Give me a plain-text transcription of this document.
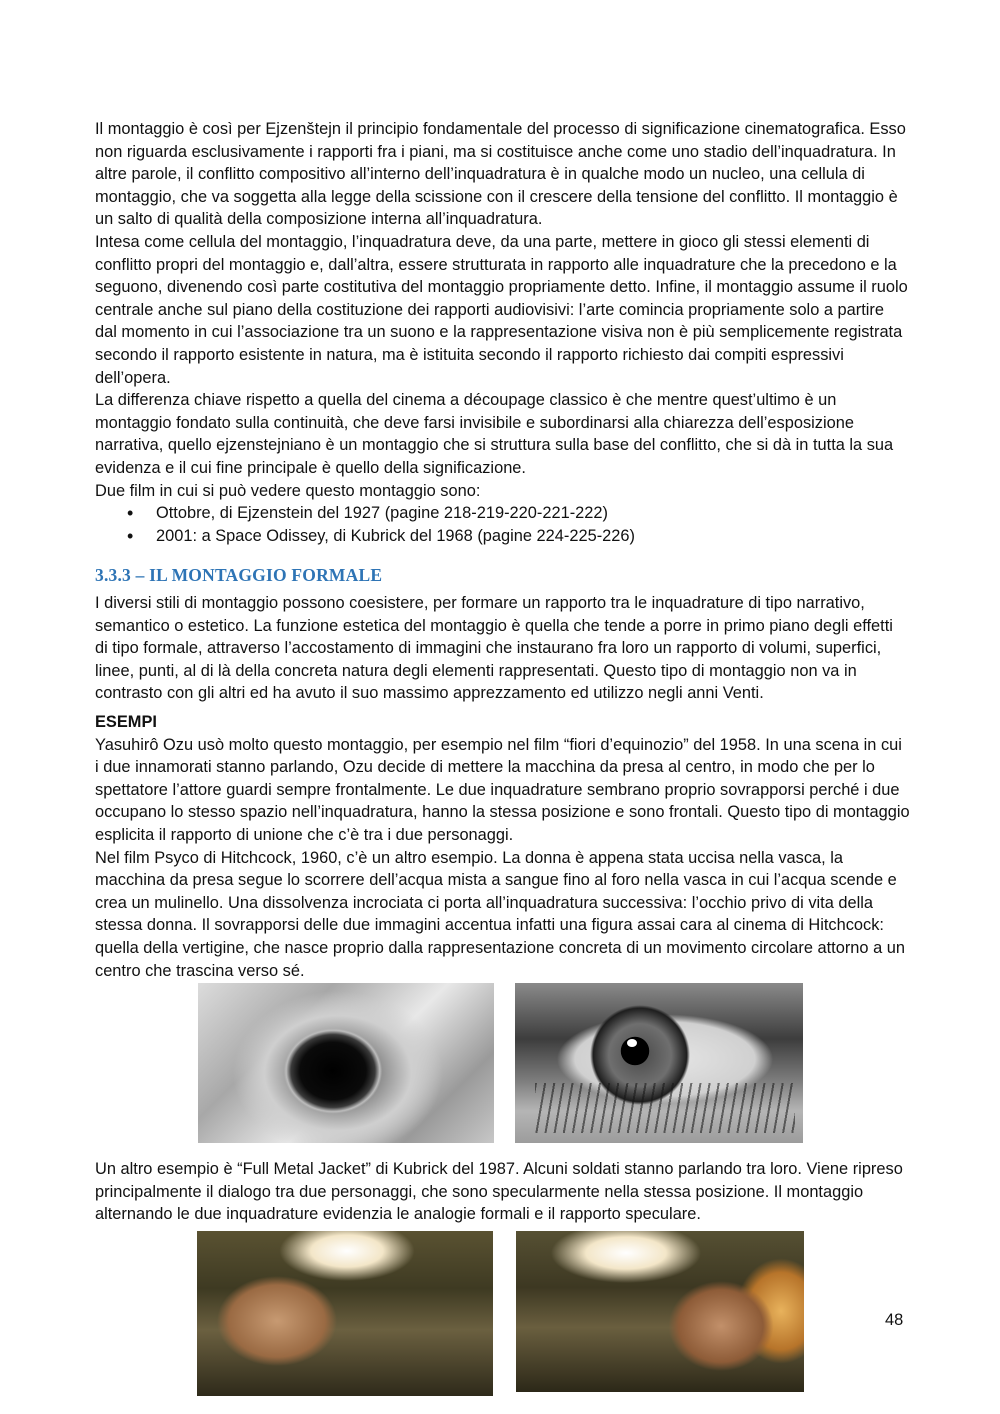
Il montaggio è così per Ejzenštejn il principio fondamentale del processo di significazione cinematografica. Esso non riguarda esclusivamente i rapporti fra i piani, ma si costituisce anche come uno stadio dell’inquadratura. In altre parole, il conflitto compositivo all’interno dell’inquadratura è in qualche modo un nucleo, una cellula di montaggio, che va soggetta alla legge della scissione con il crescere della tensione del conflitto. Il montaggio è un salto di qualità della composizione interna all’inquadratura.

Intesa come cellula del montaggio, l’inquadratura deve, da una parte, mettere in gioco gli stessi elementi di conflitto propri del montaggio e, dall’altra, essere strutturata in rapporto alle inquadrature che la precedono e la seguono, divenendo così parte costitutiva del montaggio propriamente detto. Infine, il montaggio assume il ruolo centrale anche sul piano della costituzione dei rapporti audiovisivi: l’arte comincia propriamente solo a partire dal momento in cui l’associazione tra un suono e la rappresentazione visiva non è più semplicemente registrata secondo il rapporto esistente in natura, ma è istituita secondo il rapporto richiesto dai compiti espressivi dell’opera.

La differenza chiave rispetto a quella del cinema a découpage classico è che mentre quest’ultimo è un montaggio fondato sulla continuità, che deve farsi invisibile e subordinarsi alla chiarezza dell’esposizione narrativa, quello ejzenstejniano è un montaggio che si struttura sulla base del conflitto, che si dà in tutta la sua evidenza e il cui fine principale è quello della significazione.

Due film in cui si può vedere questo montaggio sono:

• Ottobre, di Ejzenstein del 1927 (pagine 218-219-220-221-222)
• 2001: a Space Odissey, di Kubrick del 1968 (pagine 224-225-226)
3.3.3 – IL MONTAGGIO FORMALE

I diversi stili di montaggio possono coesistere, per formare un rapporto tra le inquadrature di tipo narrativo, semantico o estetico. La funzione estetica del montaggio è quella che tende a porre in primo piano degli effetti di tipo formale, attraverso l’accostamento di immagini che instaurano fra loro un rapporto di volumi, superfici, linee, punti, al di là della concreta natura degli elementi rappresentati. Questo tipo di montaggio non va in contrasto con gli altri ed ha avuto il suo massimo apprezzamento ed utilizzo negli anni Venti.

ESEMPI

Yasuhirô Ozu usò molto questo montaggio, per esempio nel film “fiori d’equinozio” del 1958. In una scena in cui i due innamorati stanno parlando, Ozu decide di mettere la macchina da presa al centro, in modo che per lo spettatore l’attore guardi sempre frontalmente. Le due inquadrature sembrano proprio sovrapporsi perché i due occupano lo stesso spazio nell’inquadratura, hanno la stessa posizione e sono frontali. Questo tipo di montaggio esplicita il rapporto di unione che c’è tra i due personaggi.

Nel film Psyco di Hitchcock, 1960, c’è un altro esempio. La donna è appena stata uccisa nella vasca, la macchina da presa segue lo scorrere dell’acqua mista a sangue fino al foro nella vasca in cui l’acqua scende e crea un mulinello. Una dissolvenza incrociata ci porta all’inquadratura successiva: l’occhio privo di vita della stessa donna. Il sovrapporsi delle due immagini accentua infatti una figura assai cara al cinema di Hitchcock: quella della vertigine, che nasce proprio dalla rappresentazione concreta di un movimento circolare attorno a un centro che trascina verso sé.

Un altro esempio è “Full Metal Jacket” di Kubrick del 1987. Alcuni soldati stanno parlando tra loro. Viene ripreso principalmente il dialogo tra due personaggi, che sono specularmente nella stessa posizione. Il montaggio alternando le due inquadrature evidenzia le analogie formali e il rapporto speculare.

48
